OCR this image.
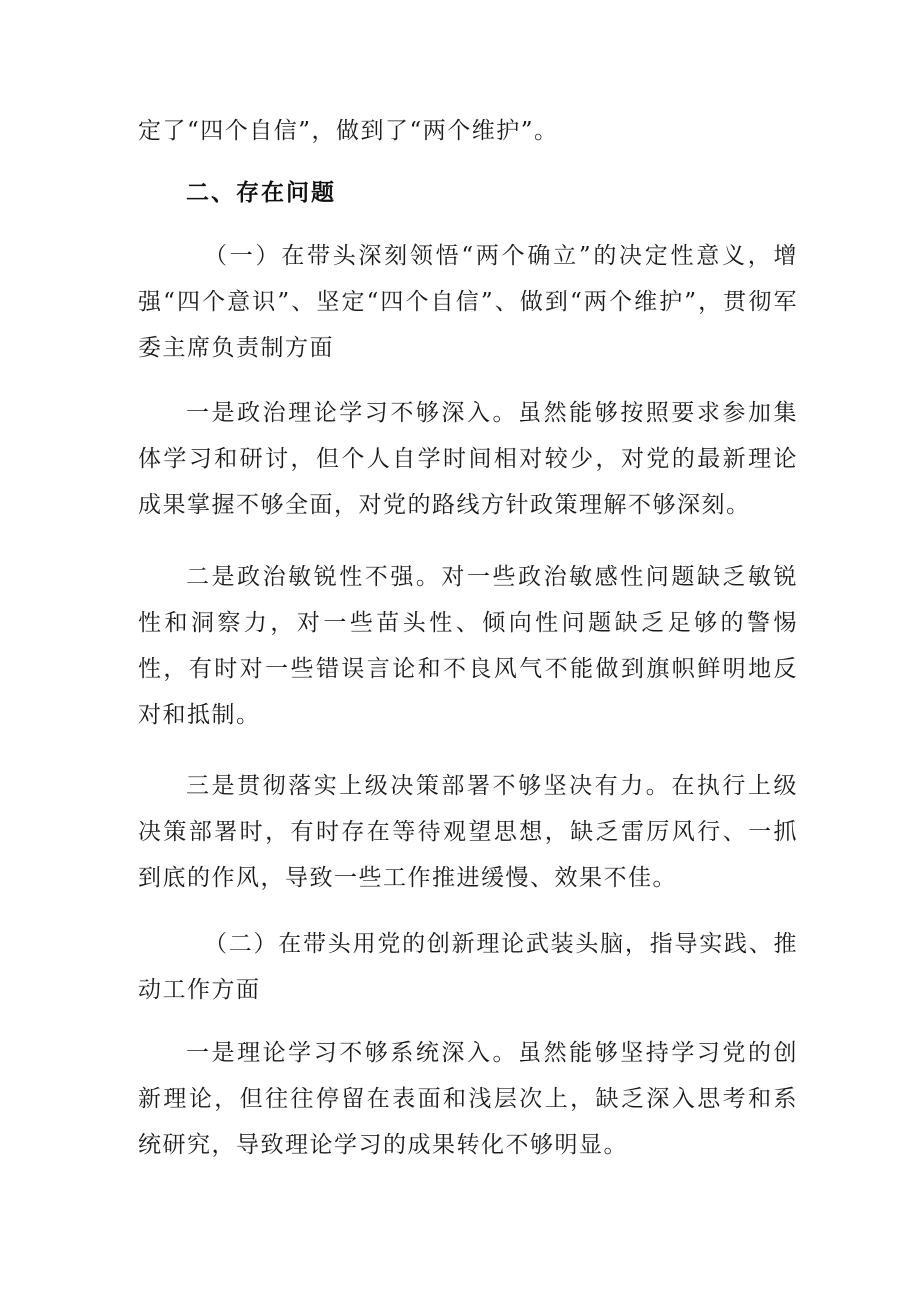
定了“四个自信”，做到了“两个维护”。

二、存在问题

（一）在带头深刻领悟“两个确立”的决定性意义，增强“四个意识”、坚定“四个自信”、做到“两个维护”，贯彻军委主席负责制方面

一是政治理论学习不够深入。虽然能够按照要求参加集体学习和研讨，但个人自学时间相对较少，对党的最新理论成果掌握不够全面，对党的路线方针政策理解不够深刻。

二是政治敏锐性不强。对一些政治敏感性问题缺乏敏锐性和洞察力，对一些苗头性、倾向性问题缺乏足够的警惕性，有时对一些错误言论和不良风气不能做到旗帜鲜明地反对和抵制。

三是贯彻落实上级决策部署不够坚决有力。在执行上级决策部署时，有时存在等待观望思想，缺乏雷厉风行、一抓到底的作风，导致一些工作推进缓慢、效果不佳。

（二）在带头用党的创新理论武装头脑，指导实践、推动工作方面

一是理论学习不够系统深入。虽然能够坚持学习党的创新理论，但往往停留在表面和浅层次上，缺乏深入思考和系统研究，导致理论学习的成果转化不够明显。
